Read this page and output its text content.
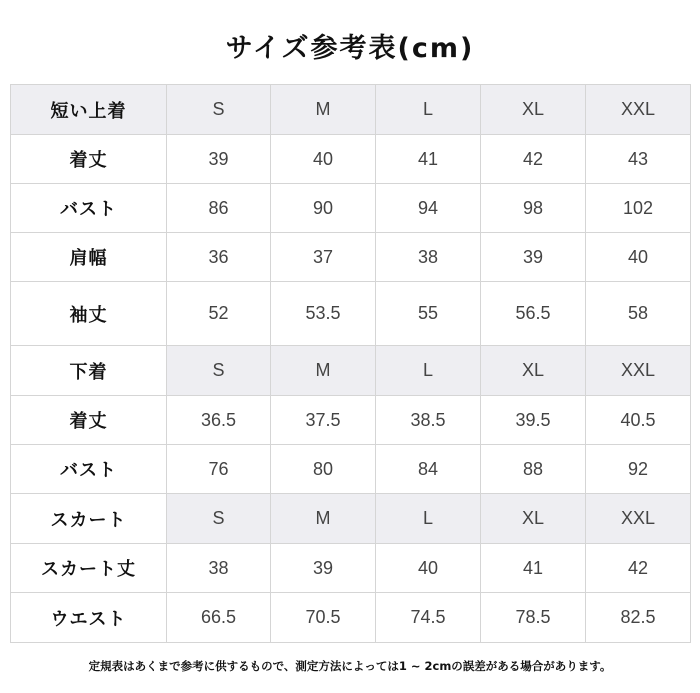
サイズ参考表(cm)
短い上着	S	M	L	XL	XXL
着丈	39	40	41	42	43
バスト	86	90	94	98	102
肩幅	36	37	38	39	40
袖丈	52	53.5	55	56.5	58
下着	S	M	L	XL	XXL
着丈	36.5	37.5	38.5	39.5	40.5
バスト	76	80	84	88	92
スカート	S	M	L	XL	XXL
スカート丈	38	39	40	41	42
ウエスト	66.5	70.5	74.5	78.5	82.5
定規表はあくまで参考に供するもので、測定方法によっては1 ~ 2cmの誤差がある場合があります。
